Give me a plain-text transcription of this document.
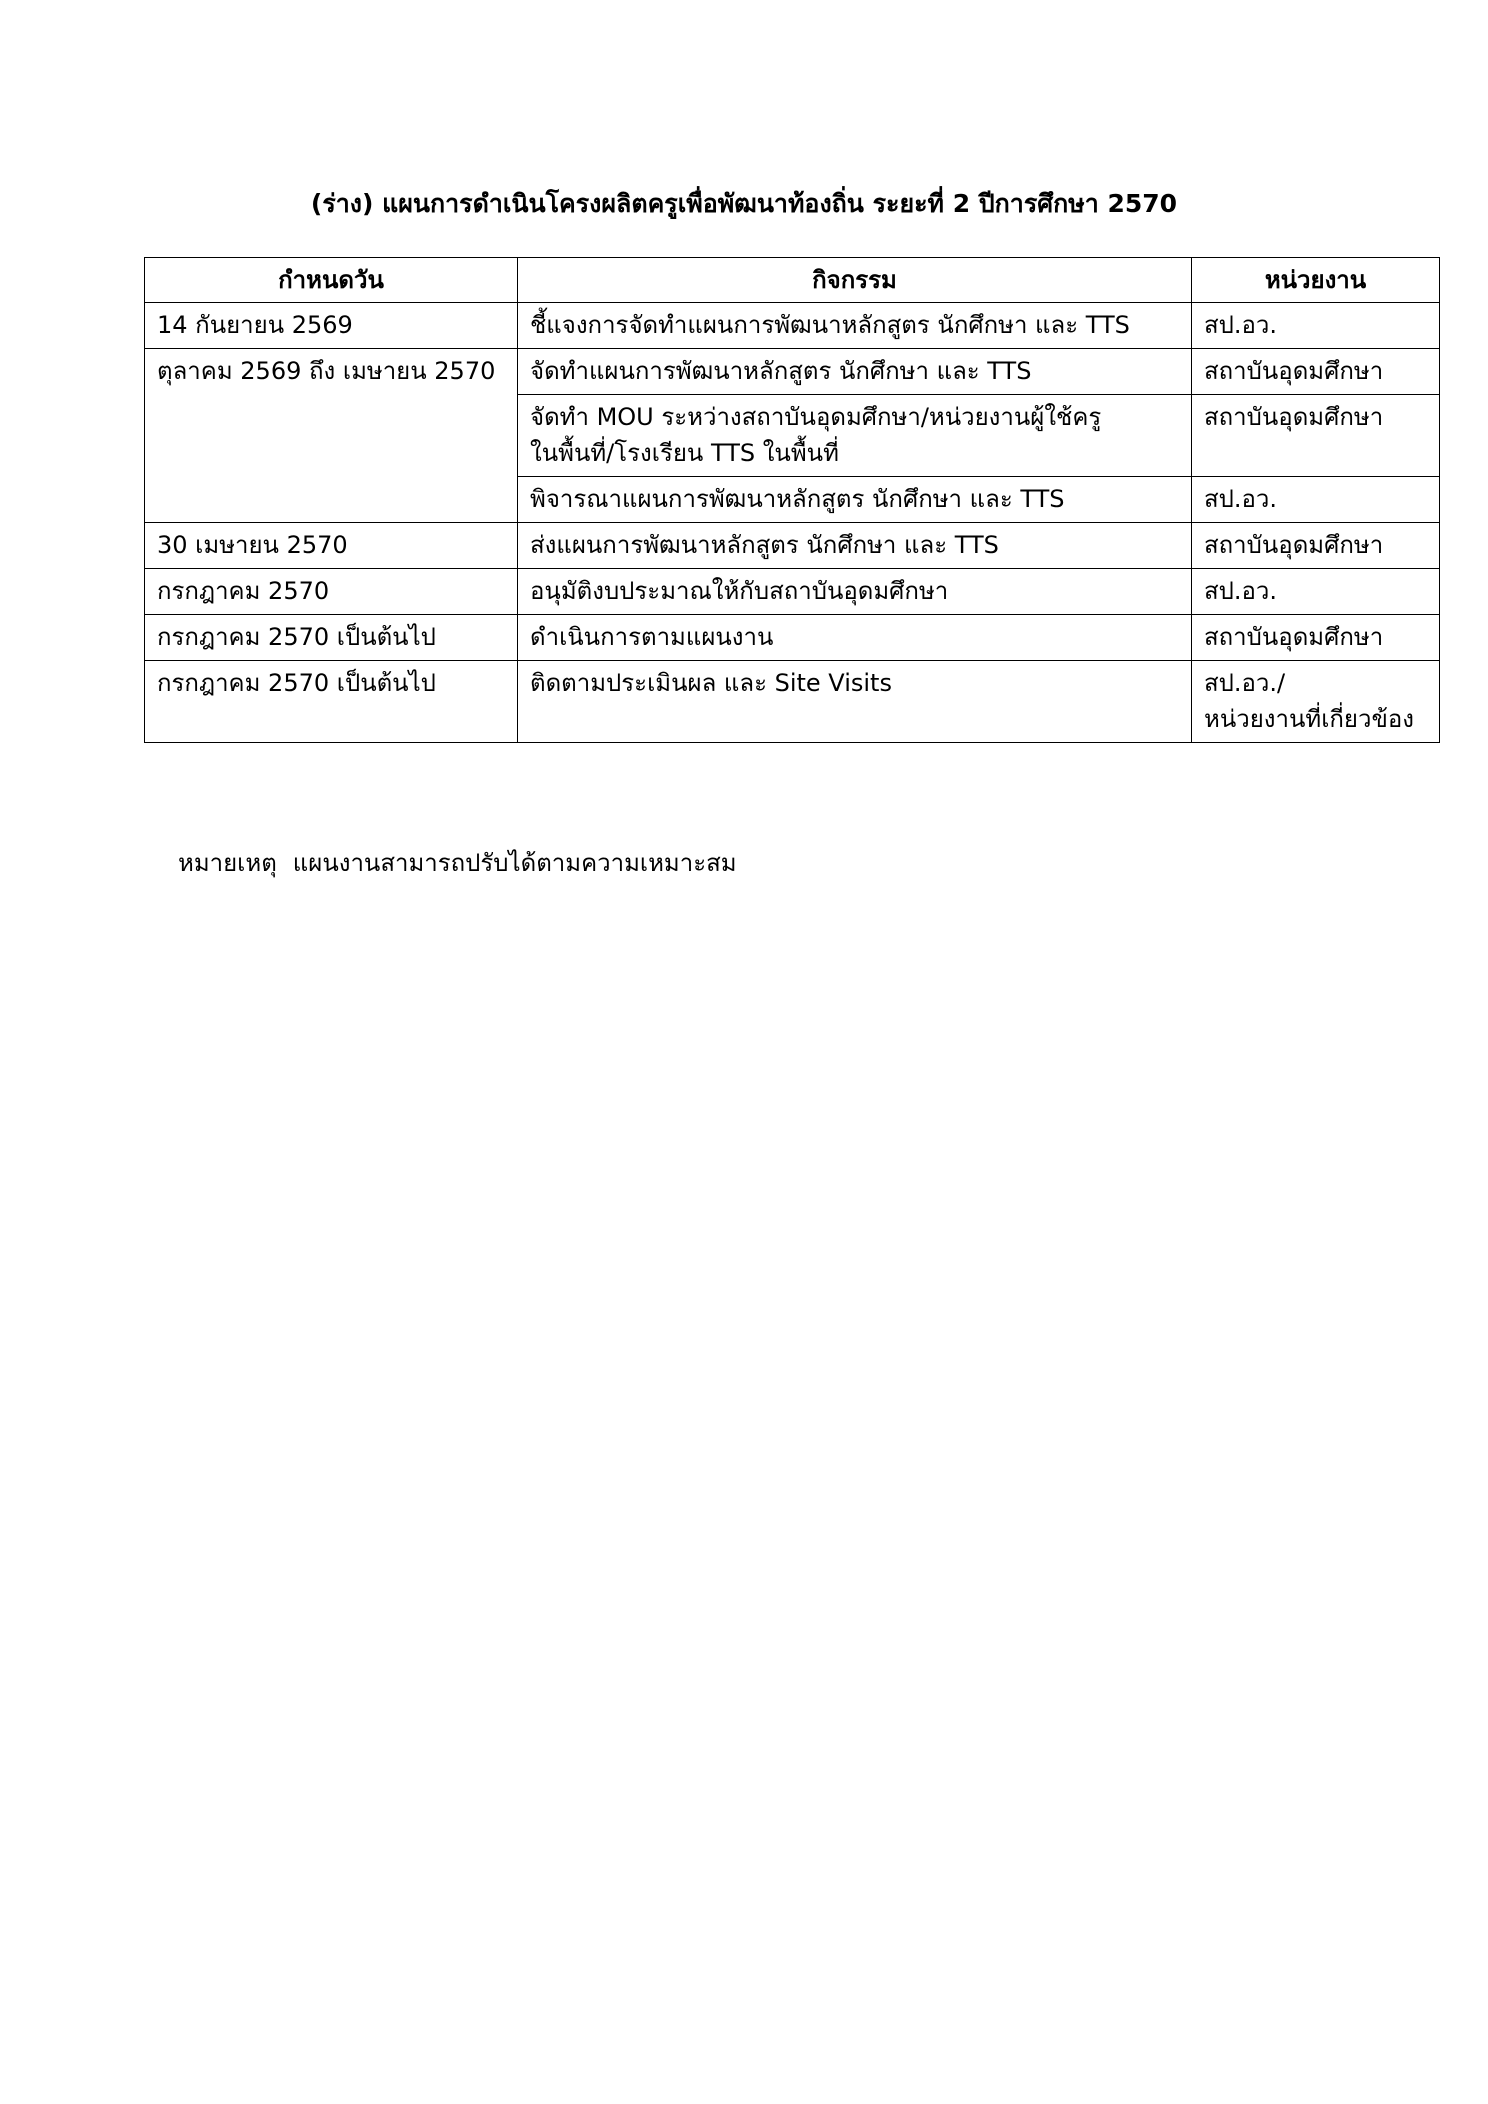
(ร่าง) แผนการดำเนินโครงผลิตครูเพื่อพัฒนาท้องถิ่น ระยะที่ 2 ปีการศึกษา 2570
กำหนดวัน	กิจกรรม	หน่วยงาน
14 กันยายน 2569	ชี้แจงการจัดทำแผนการพัฒนาหลักสูตร นักศึกษา และ TTS	สป.อว.
ตุลาคม 2569 ถึง เมษายน 2570	จัดทำแผนการพัฒนาหลักสูตร นักศึกษา และ TTS	สถาบันอุดมศึกษา
	จัดทำ MOU ระหว่างสถาบันอุดมศึกษา/หน่วยงานผู้ใช้ครู
ในพื้นที่/โรงเรียน TTS ในพื้นที่	สถาบันอุดมศึกษา
	พิจารณาแผนการพัฒนาหลักสูตร นักศึกษา และ TTS	สป.อว.
30 เมษายน 2570	ส่งแผนการพัฒนาหลักสูตร นักศึกษา และ TTS	สถาบันอุดมศึกษา
กรกฎาคม 2570	อนุมัติงบประมาณให้กับสถาบันอุดมศึกษา	สป.อว.
กรกฎาคม 2570 เป็นต้นไป	ดำเนินการตามแผนงาน	สถาบันอุดมศึกษา
กรกฎาคม 2570 เป็นต้นไป	ติดตามประเมินผล และ Site Visits	สป.อว./
หน่วยงานที่เกี่ยวข้อง
หมายเหตุ แผนงานสามารถปรับได้ตามความเหมาะสม
